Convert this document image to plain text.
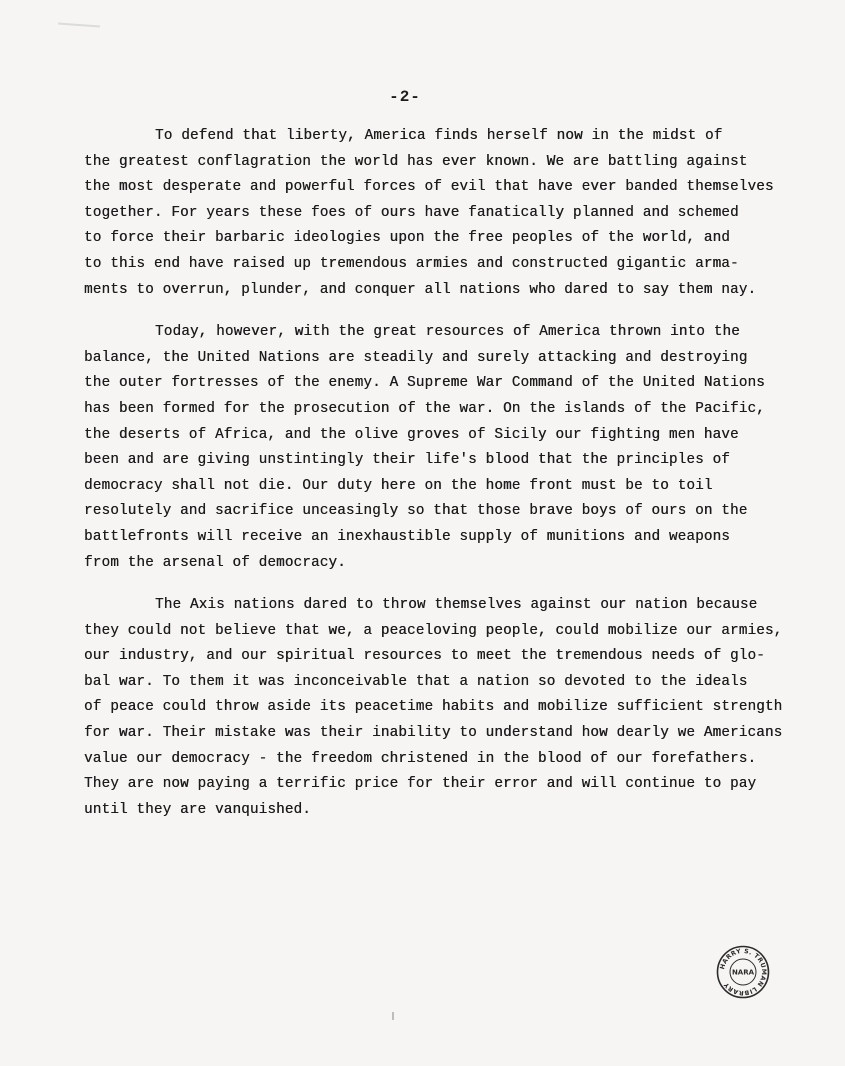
-2-
To defend that liberty, America finds herself now in the midst of
the greatest conflagration the world has ever known. We are battling against
the most desperate and powerful forces of evil that have ever banded themselves
together. For years these foes of ours have fanatically planned and schemed
to force their barbaric ideologies upon the free peoples of the world, and
to this end have raised up tremendous armies and constructed gigantic arma-
ments to overrun, plunder, and conquer all nations who dared to say them nay.
Today, however, with the great resources of America thrown into the
balance, the United Nations are steadily and surely attacking and destroying
the outer fortresses of the enemy. A Supreme War Command of the United Nations
has been formed for the prosecution of the war. On the islands of the Pacific,
the deserts of Africa, and the olive groves of Sicily our fighting men have
been and are giving unstintingly their life's blood that the principles of
democracy shall not die. Our duty here on the home front must be to toil
resolutely and sacrifice unceasingly so that those brave boys of ours on the
battlefronts will receive an inexhaustible supply of munitions and weapons
from the arsenal of democracy.
The Axis nations dared to throw themselves against our nation because
they could not believe that we, a peaceloving people, could mobilize our armies,
our industry, and our spiritual resources to meet the tremendous needs of glo-
bal war. To them it was inconceivable that a nation so devoted to the ideals
of peace could throw aside its peacetime habits and mobilize sufficient strength
for war. Their mistake was their inability to understand how dearly we Americans
value our democracy - the freedom christened in the blood of our forefathers.
They are now paying a terrific price for their error and will continue to pay
until they are vanquished.
HARRY S. TRUMAN LIBRARY
NARA
